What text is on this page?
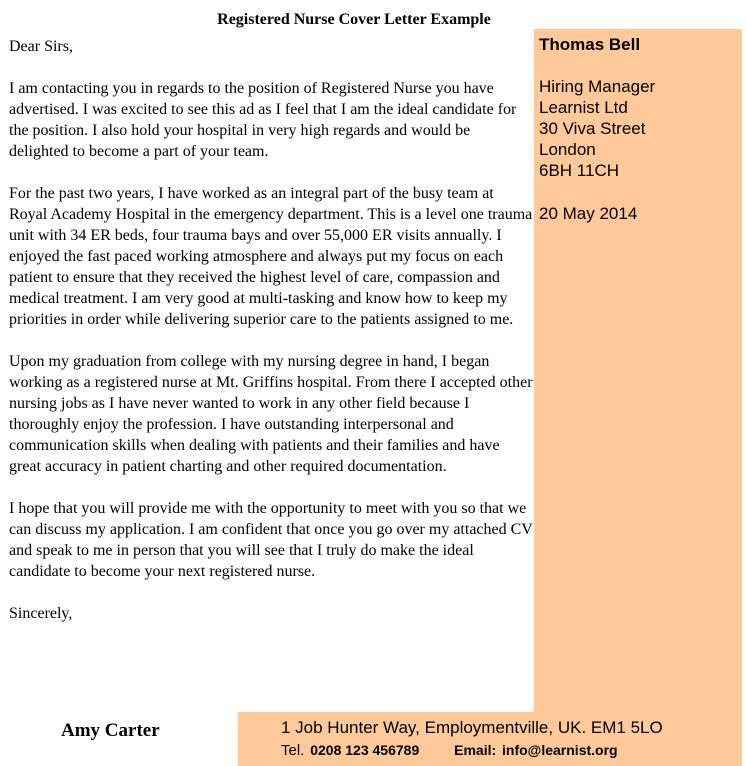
Registered Nurse Cover Letter Example
Thomas Bell
Hiring Manager
Learnist Ltd
30 Viva Street
London
6BH 11CH
20 May 2014

Dear Sirs,

I am contacting you in regards to the position of Registered Nurse you have advertised. I was excited to see this ad as I feel that I am the ideal candidate for the position. I also hold your hospital in very high regards and would be delighted to become a part of your team.

For the past two years, I have worked as an integral part of the busy team at Royal Academy Hospital in the emergency department. This is a level one trauma unit with 34 ER beds, four trauma bays and over 55,000 ER visits annually. I enjoyed the fast paced working atmosphere and always put my focus on each patient to ensure that they received the highest level of care, compassion and medical treatment. I am very good at multi-tasking and know how to keep my priorities in order while delivering superior care to the patients assigned to me.

Upon my graduation from college with my nursing degree in hand, I began working as a registered nurse at Mt. Griffins hospital. From there I accepted other nursing jobs as I have never wanted to work in any other field because I thoroughly enjoy the profession. I have outstanding interpersonal and communication skills when dealing with patients and their families and have great accuracy in patient charting and other required documentation.

I hope that you will provide me with the opportunity to meet with you so that we can discuss my application. I am confident that once you go over my attached CV and speak to me in person that you will see that I truly do make the ideal candidate to become your next registered nurse.

Sincerely,

Amy Carter	1 Job Hunter Way, Employmentville, UK. EM1 5LO
Tel. 0208 123 456789 Email: info@learnist.org
